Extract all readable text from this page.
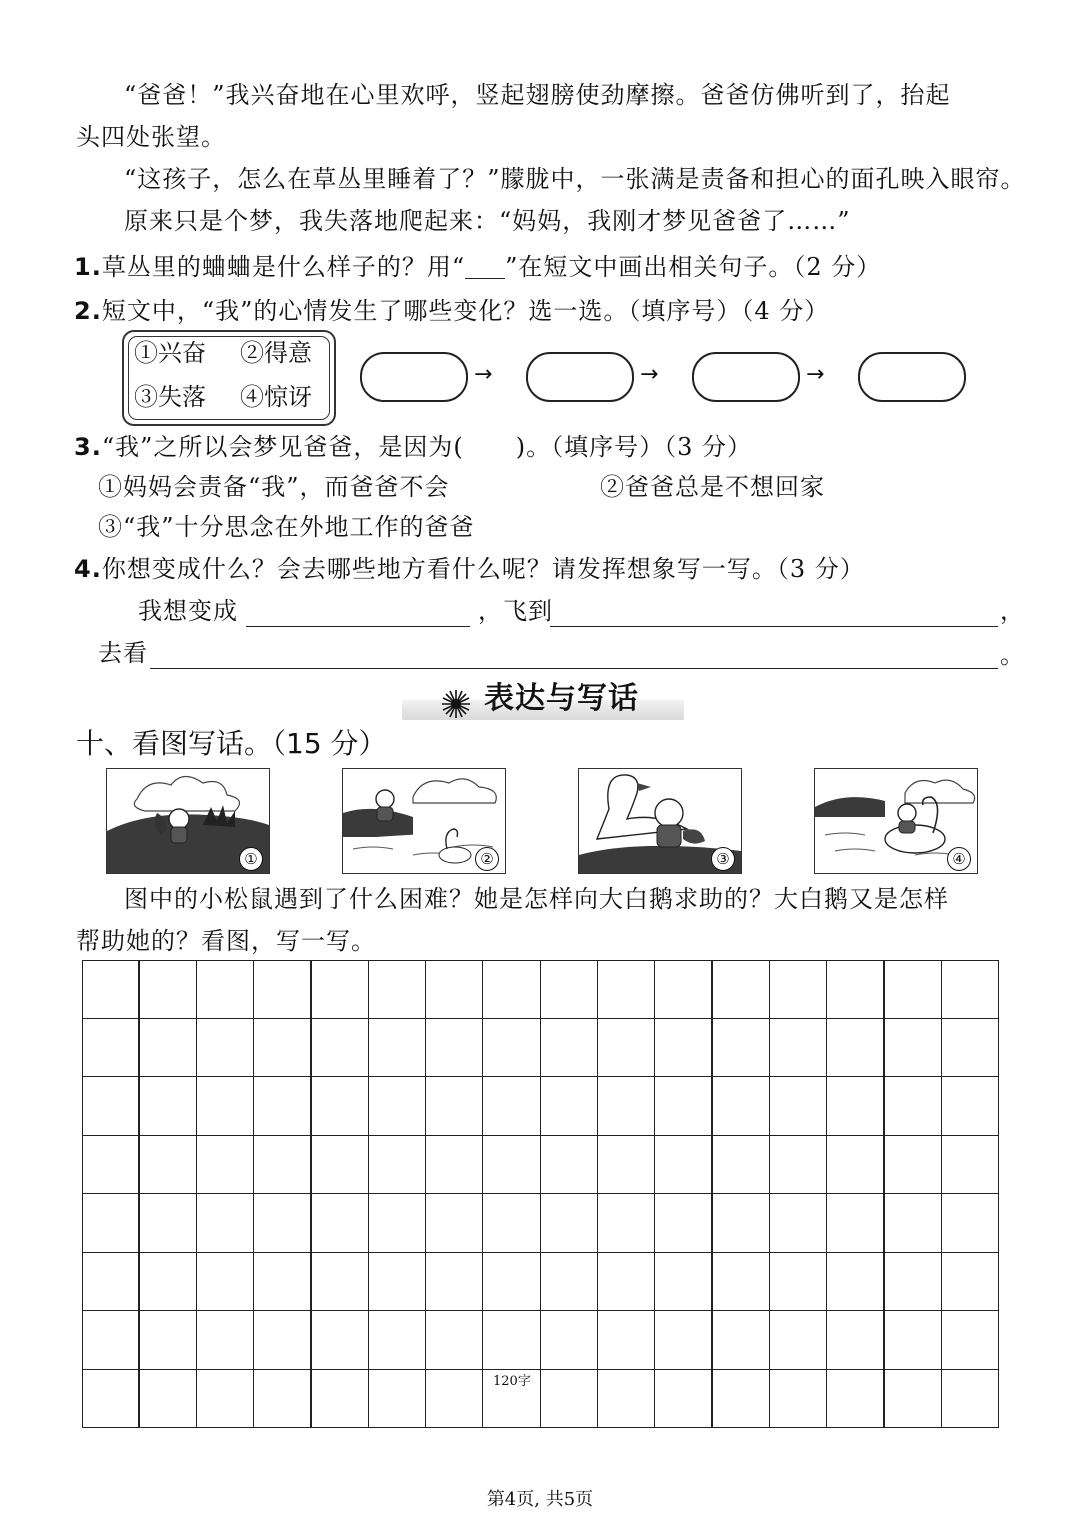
“爸爸！”我兴奋地在心里欢呼，竖起翅膀使劲摩擦。爸爸仿佛听到了，抬起
头四处张望。
“这孩子，怎么在草丛里睡着了？”朦胧中，一张满是责备和担心的面孔映入眼帘。
原来只是个梦，我失落地爬起来：“妈妈，我刚才梦见爸爸了……”
1.草丛里的蛐蛐是什么样子的？用“ ”在短文中画出相关句子。（2 分）
2.短文中，“我”的心情发生了哪些变化？选一选。（填序号）（4 分）
①兴奋 ②得意
③失落 ④惊讶
→	→	→
3.“我”之所以会梦见爸爸，是因为( )。（填序号）（3 分）
①妈妈会责备“我”，而爸爸不会	②爸爸总是不想回家
③“我”十分思念在外地工作的爸爸
4.你想变成什么？会去哪些地方看什么呢？请发挥想象写一写。（3 分）
我想变成	，飞到	，
去看	。
表达与写话
十、看图写话。（15 分）
①	②	③	④
图中的小松鼠遇到了什么困难？她是怎样向大白鹅求助的？大白鹅又是怎样
帮助她的？看图，写一写。
120字
第4页, 共5页
